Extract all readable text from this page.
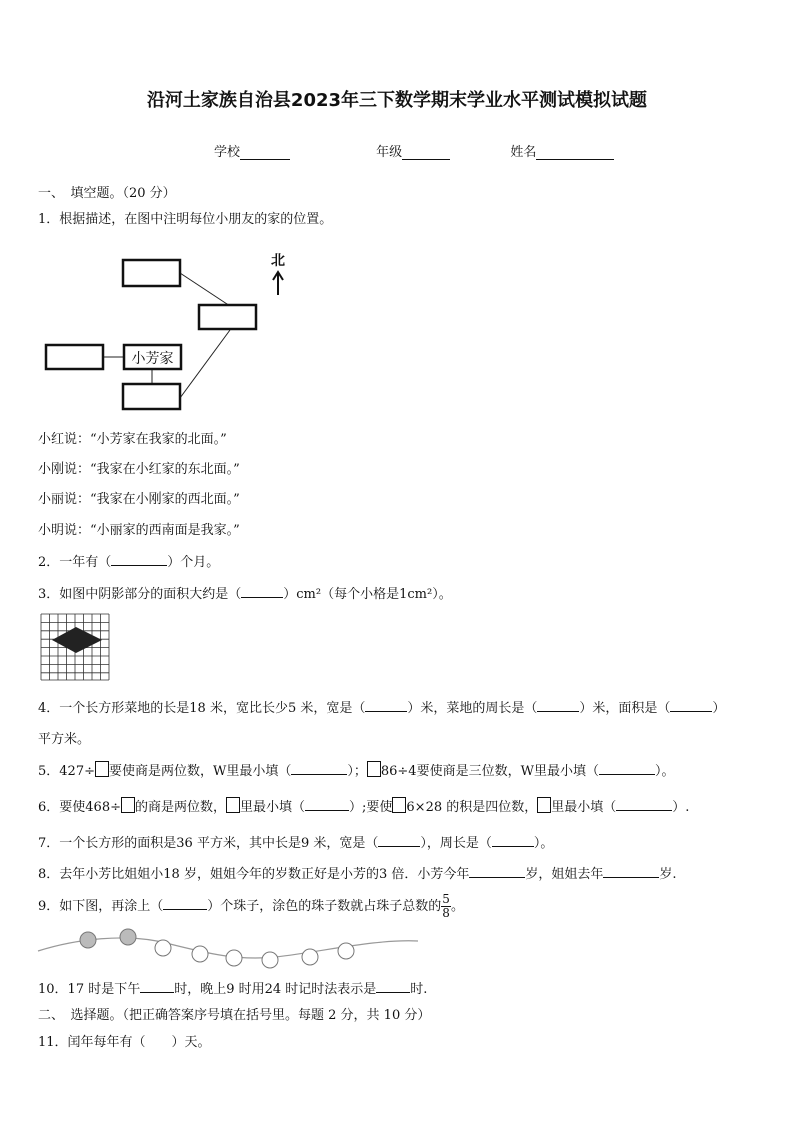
沿河土家族自治县2023年三下数学期末学业水平测试模拟试题
学校	年级	姓名
一、　填空题。（20 分）
1．根据描述，在图中注明每位小朋友的家的位置。
小芳家
北
小红说：“小芳家在我家的北面。”
小刚说：“我家在小红家的东北面。”
小丽说：“我家在小刚家的西北面。”
小明说：“小丽家的西南面是我家。”
2．一年有（	）个月。
3．如图中阴影部分的面积大约是（	）cm²（每个小格是1cm²）。
4．一个长方形菜地的长是18 米，宽比长少5 米，宽是（	）米，菜地的周长是（	）米，面积是（	）
平方米。
5．427÷ 要使商是两位数，W里最小填（	）； 86÷4要使商是三位数，W里最小填（	）。
6．要使468÷ 的商是两位数， 里最小填（	）;要使 6×28 的积是四位数， 里最小填（	）.
7．一个长方形的面积是36 平方米，其中长是9 米，宽是（	），周长是（	）。
8．去年小芳比姐姐小18 岁，姐姐今年的岁数正好是小芳的3 倍．小芳今年	岁，姐姐去年	岁.
9．如下图，再涂上（	）个珠子，涂色的珠子数就占珠子总数的 $\frac{5}{8}$ 。
10．17 时是下午	时，晚上9 时用24 时记时法表示是	时.
二、　选择题。（把正确答案序号填在括号里。每题 2 分，共 10 分）
11．闰年每年有（ ）天。
